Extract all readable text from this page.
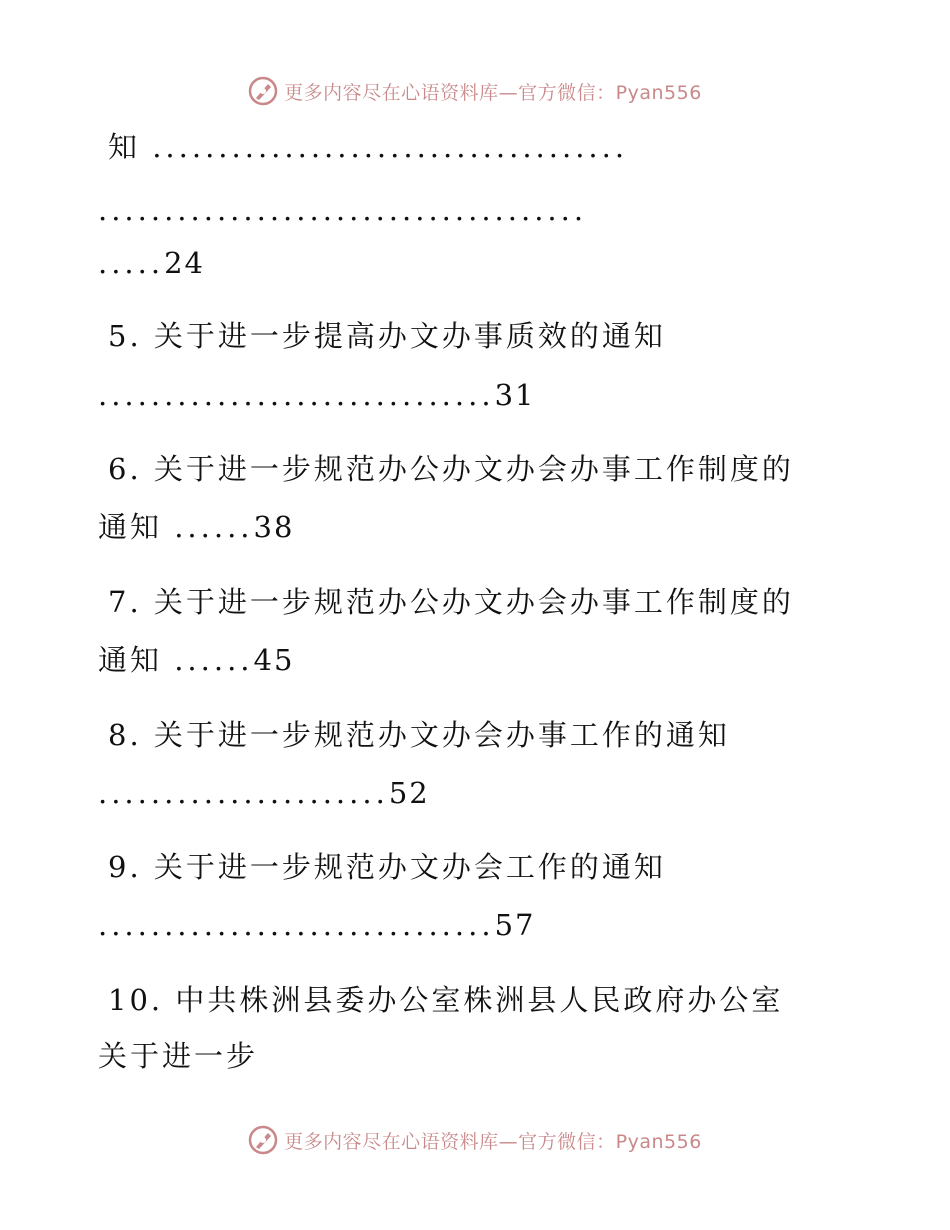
更多内容尽在心语资料库—官方微信：Pyan556
知 ....................................
.....................................
.....24
5. 关于进一步提高办文办事质效的通知
..............................31
6. 关于进一步规范办公办文办会办事工作制度的
通知 ......38
7. 关于进一步规范办公办文办会办事工作制度的
通知 ......45
8. 关于进一步规范办文办会办事工作的通知
......................52
9. 关于进一步规范办文办会工作的通知
..............................57
10. 中共株洲县委办公室株洲县人民政府办公室
关于进一步
更多内容尽在心语资料库—官方微信：Pyan556
